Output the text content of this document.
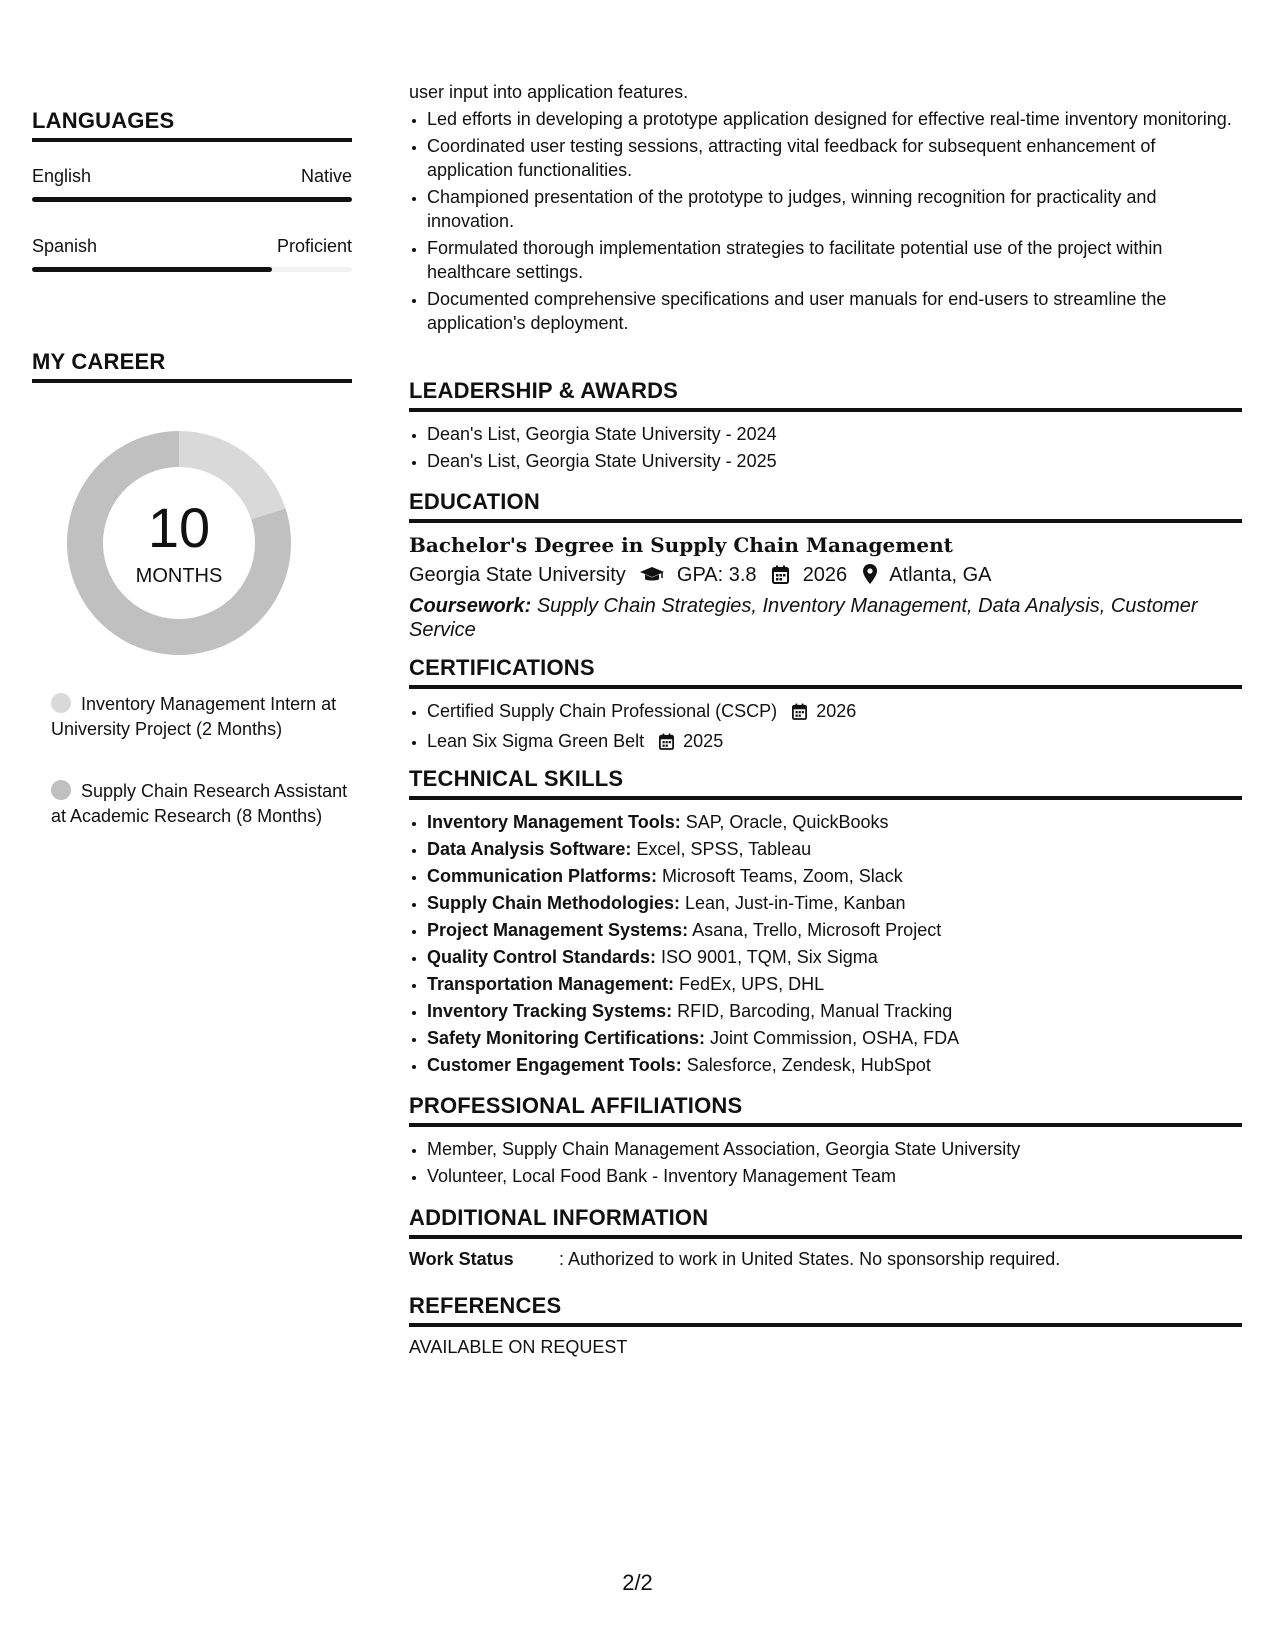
LANGUAGES
English	Native
Spanish	Proficient
MY CAREER
10
MONTHS
Inventory Management Intern at University Project (2 Months)
Supply Chain Research Assistant at Academic Research (8 Months)
user input into application features.
• Led efforts in developing a prototype application designed for effective real-time inventory monitoring.
• Coordinated user testing sessions, attracting vital feedback for subsequent enhancement of application functionalities.
• Championed presentation of the prototype to judges, winning recognition for practicality and innovation.
• Formulated thorough implementation strategies to facilitate potential use of the project within healthcare settings.
• Documented comprehensive specifications and user manuals for end-users to streamline the application's deployment.
LEADERSHIP & AWARDS
• Dean's List, Georgia State University - 2024
• Dean's List, Georgia State University - 2025
EDUCATION
Bachelor's Degree in Supply Chain Management
Georgia State University	GPA: 3.8 2026 Atlanta, GA
Coursework: Supply Chain Strategies, Inventory Management, Data Analysis, Customer Service
CERTIFICATIONS
• Certified Supply Chain Professional (CSCP) 2026
• Lean Six Sigma Green Belt 2025
TECHNICAL SKILLS
• Inventory Management Tools: SAP, Oracle, QuickBooks
• Data Analysis Software: Excel, SPSS, Tableau
• Communication Platforms: Microsoft Teams, Zoom, Slack
• Supply Chain Methodologies: Lean, Just-in-Time, Kanban
• Project Management Systems: Asana, Trello, Microsoft Project
• Quality Control Standards: ISO 9001, TQM, Six Sigma
• Transportation Management: FedEx, UPS, DHL
• Inventory Tracking Systems: RFID, Barcoding, Manual Tracking
• Safety Monitoring Certifications: Joint Commission, OSHA, FDA
• Customer Engagement Tools: Salesforce, Zendesk, HubSpot
PROFESSIONAL AFFILIATIONS
• Member, Supply Chain Management Association, Georgia State University
• Volunteer, Local Food Bank - Inventory Management Team
ADDITIONAL INFORMATION
Work Status	: Authorized to work in United States. No sponsorship required.
REFERENCES
AVAILABLE ON REQUEST
2/2
